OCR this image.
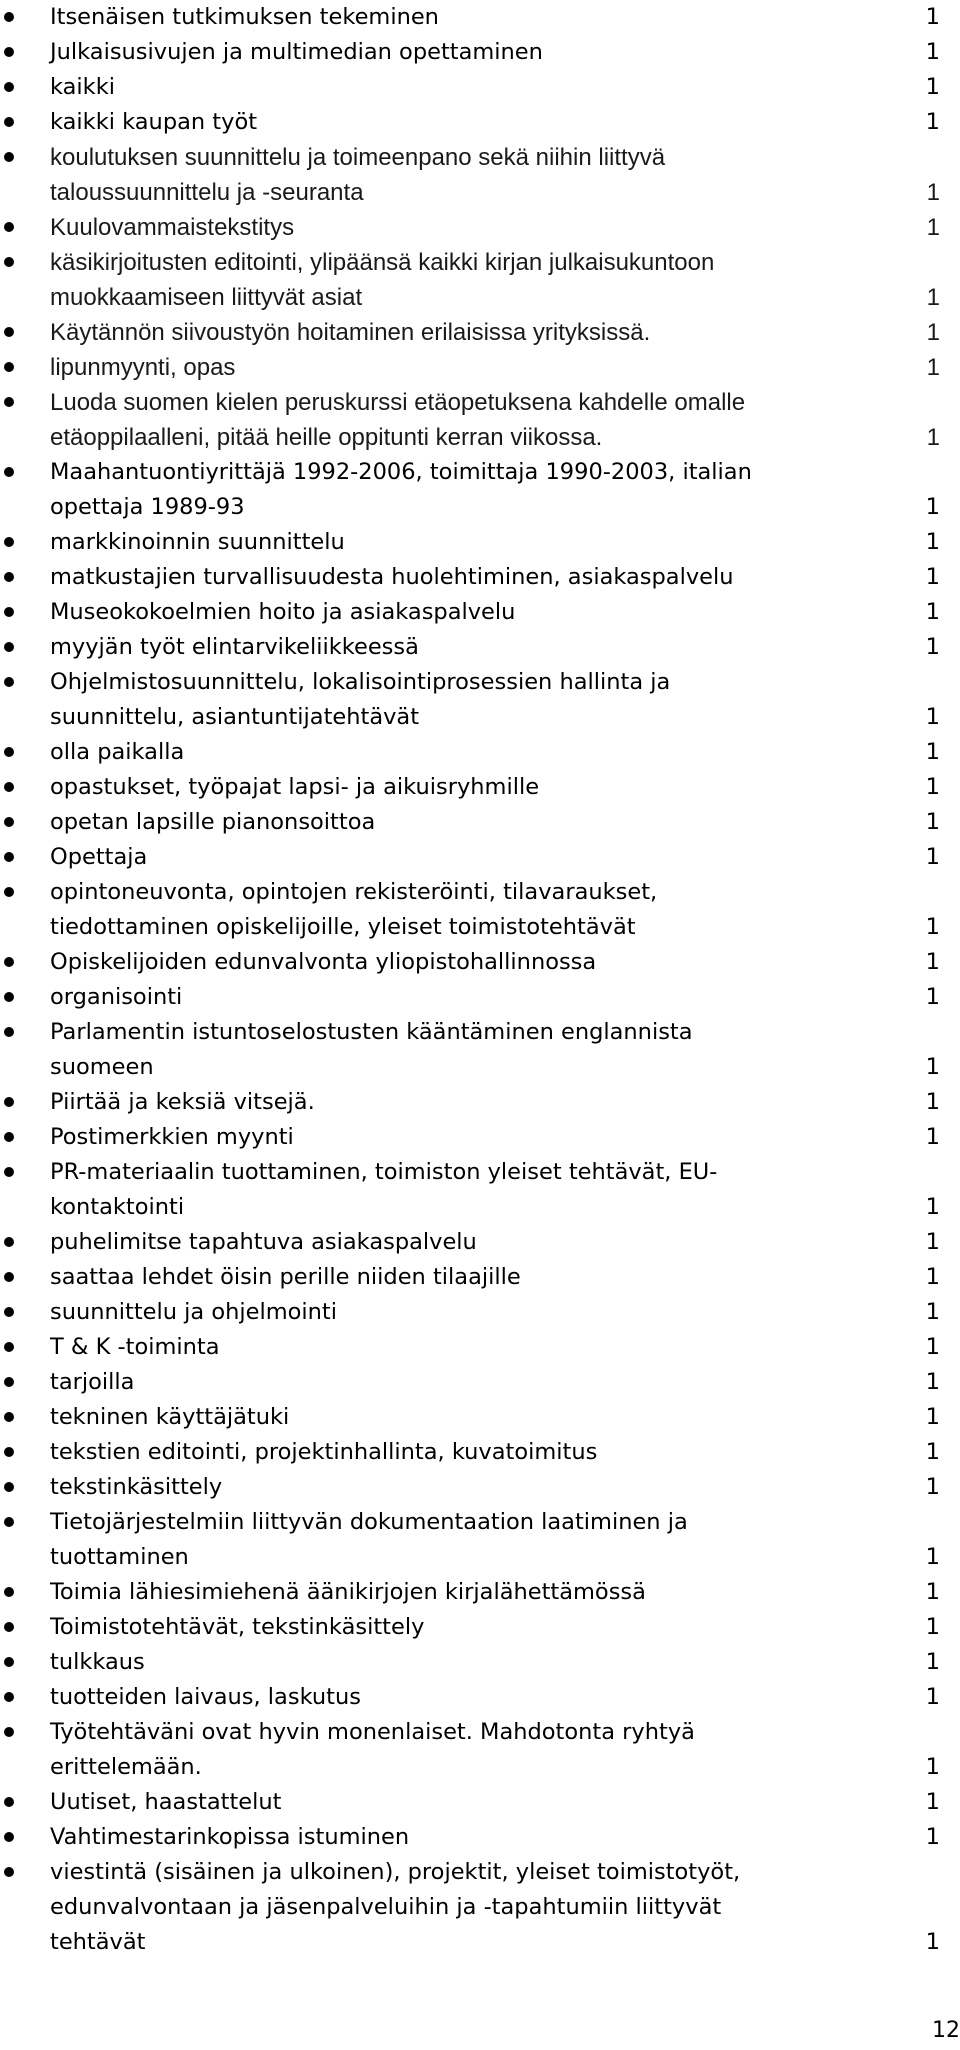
Itsenäisen tutkimuksen tekeminen	1
Julkaisusivujen ja multimedian opettaminen	1
kaikki	1
kaikki kaupan työt	1
koulutuksen suunnittelu ja toimeenpano sekä niihin liittyvä
taloussuunnittelu ja -seuranta	1
Kuulovammaistekstitys	1
käsikirjoitusten editointi, ylipäänsä kaikki kirjan julkaisukuntoon
muokkaamiseen liittyvät asiat	1
Käytännön siivoustyön hoitaminen erilaisissa yrityksissä.	1
lipunmyynti, opas	1
Luoda suomen kielen peruskurssi etäopetuksena kahdelle omalle
etäoppilaalleni, pitää heille oppitunti kerran viikossa.	1
Maahantuontiyrittäjä 1992-2006, toimittaja 1990-2003, italian
opettaja 1989-93	1
markkinoinnin suunnittelu	1
matkustajien turvallisuudesta huolehtiminen, asiakaspalvelu	1
Museokokoelmien hoito ja asiakaspalvelu	1
myyjän työt elintarvikeliikkeessä	1
Ohjelmistosuunnittelu, lokalisointiprosessien hallinta ja
suunnittelu, asiantuntijatehtävät	1
olla paikalla	1
opastukset, työpajat lapsi- ja aikuisryhmille	1
opetan lapsille pianonsoittoa	1
Opettaja	1
opintoneuvonta, opintojen rekisteröinti, tilavaraukset,
tiedottaminen opiskelijoille, yleiset toimistotehtävät	1
Opiskelijoiden edunvalvonta yliopistohallinnossa	1
organisointi	1
Parlamentin istuntoselostusten kääntäminen englannista
suomeen	1
Piirtää ja keksiä vitsejä.	1
Postimerkkien myynti	1
PR-materiaalin tuottaminen, toimiston yleiset tehtävät, EU-
kontaktointi	1
puhelimitse tapahtuva asiakaspalvelu	1
saattaa lehdet öisin perille niiden tilaajille	1
suunnittelu ja ohjelmointi	1
T & K -toiminta	1
tarjoilla	1
tekninen käyttäjätuki	1
tekstien editointi, projektinhallinta, kuvatoimitus	1
tekstinkäsittely	1
Tietojärjestelmiin liittyvän dokumentaation laatiminen ja
tuottaminen	1
Toimia lähiesimiehenä äänikirjojen kirjalähettämössä	1
Toimistotehtävät, tekstinkäsittely	1
tulkkaus	1
tuotteiden laivaus, laskutus	1
Työtehtäväni ovat hyvin monenlaiset. Mahdotonta ryhtyä
erittelemään.	1
Uutiset, haastattelut	1
Vahtimestarinkopissa istuminen	1
viestintä (sisäinen ja ulkoinen), projektit, yleiset toimistotyöt,
edunvalvontaan ja jäsenpalveluihin ja -tapahtumiin liittyvät
tehtävät	1
12
